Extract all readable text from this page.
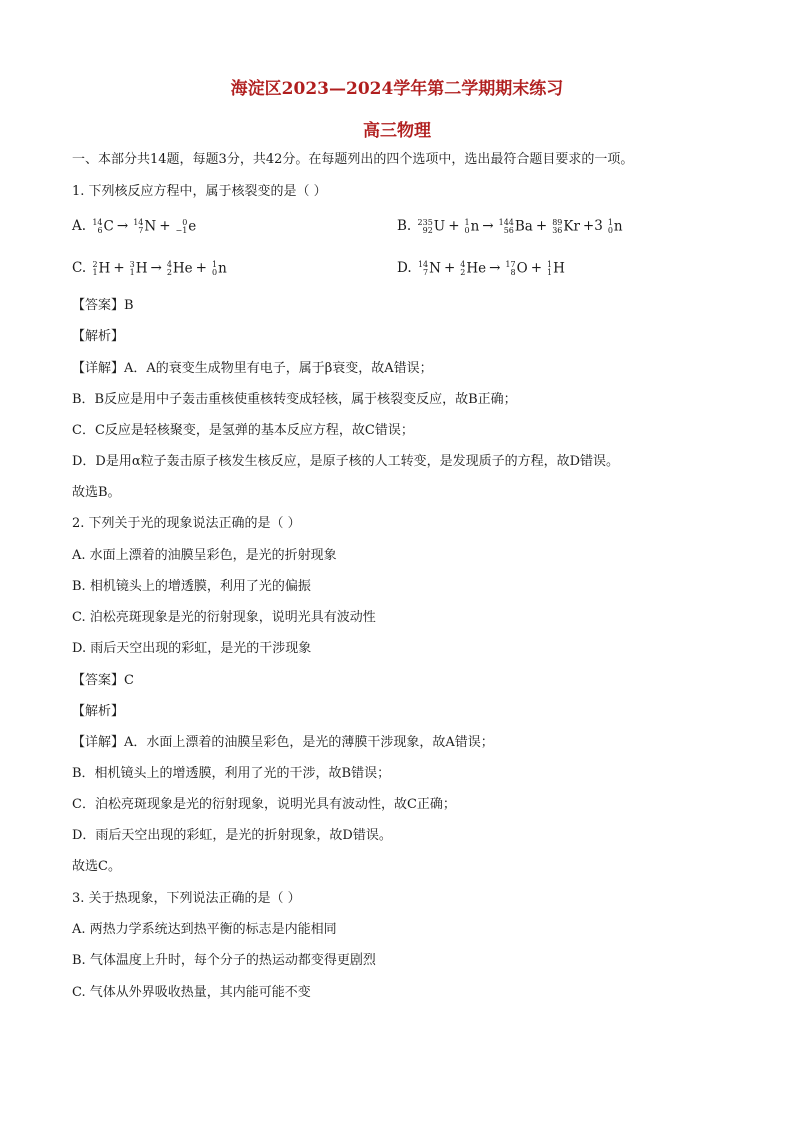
海淀区2023—2024学年第二学期期末练习
高三物理
一、本部分共14题，每题3分，共42分。在每题列出的四个选项中，选出最符合题目要求的一项。
1. 下列核反应方程中，属于核裂变的是（ ）
A. 14
6 C → 14
7 N + 0
−1 e	B. 235
92 U + 1
0 n → 144
56 Ba + 89
36 Kr +3 1
0 n
C. 2
1 H + 3
1 H → 4
2 He + 1
0 n	D. 14
7 N + 4
2 He → 17
8 O + 1
1 H
【答案】B
【解析】
【详解】A．A的衰变生成物里有电子，属于β衰变，故A错误；
B．B反应是用中子轰击重核使重核转变成轻核，属于核裂变反应，故B正确；
C．C反应是轻核聚变，是氢弹的基本反应方程，故C错误；
D．D是用α粒子轰击原子核发生核反应，是原子核的人工转变，是发现质子的方程，故D错误。
故选B。
2. 下列关于光的现象说法正确的是（ ）
A. 水面上漂着的油膜呈彩色，是光的折射现象
B. 相机镜头上的增透膜，利用了光的偏振
C. 泊松亮斑现象是光的衍射现象，说明光具有波动性
D. 雨后天空出现的彩虹，是光的干涉现象
【答案】C
【解析】
【详解】A．水面上漂着的油膜呈彩色，是光的薄膜干涉现象，故A错误；
B．相机镜头上的增透膜，利用了光的干涉，故B错误；
C．泊松亮斑现象是光的衍射现象，说明光具有波动性，故C正确；
D．雨后天空出现的彩虹，是光的折射现象，故D错误。
故选C。
3. 关于热现象，下列说法正确的是（ ）
A. 两热力学系统达到热平衡的标志是内能相同
B. 气体温度上升时，每个分子的热运动都变得更剧烈
C. 气体从外界吸收热量，其内能可能不变
